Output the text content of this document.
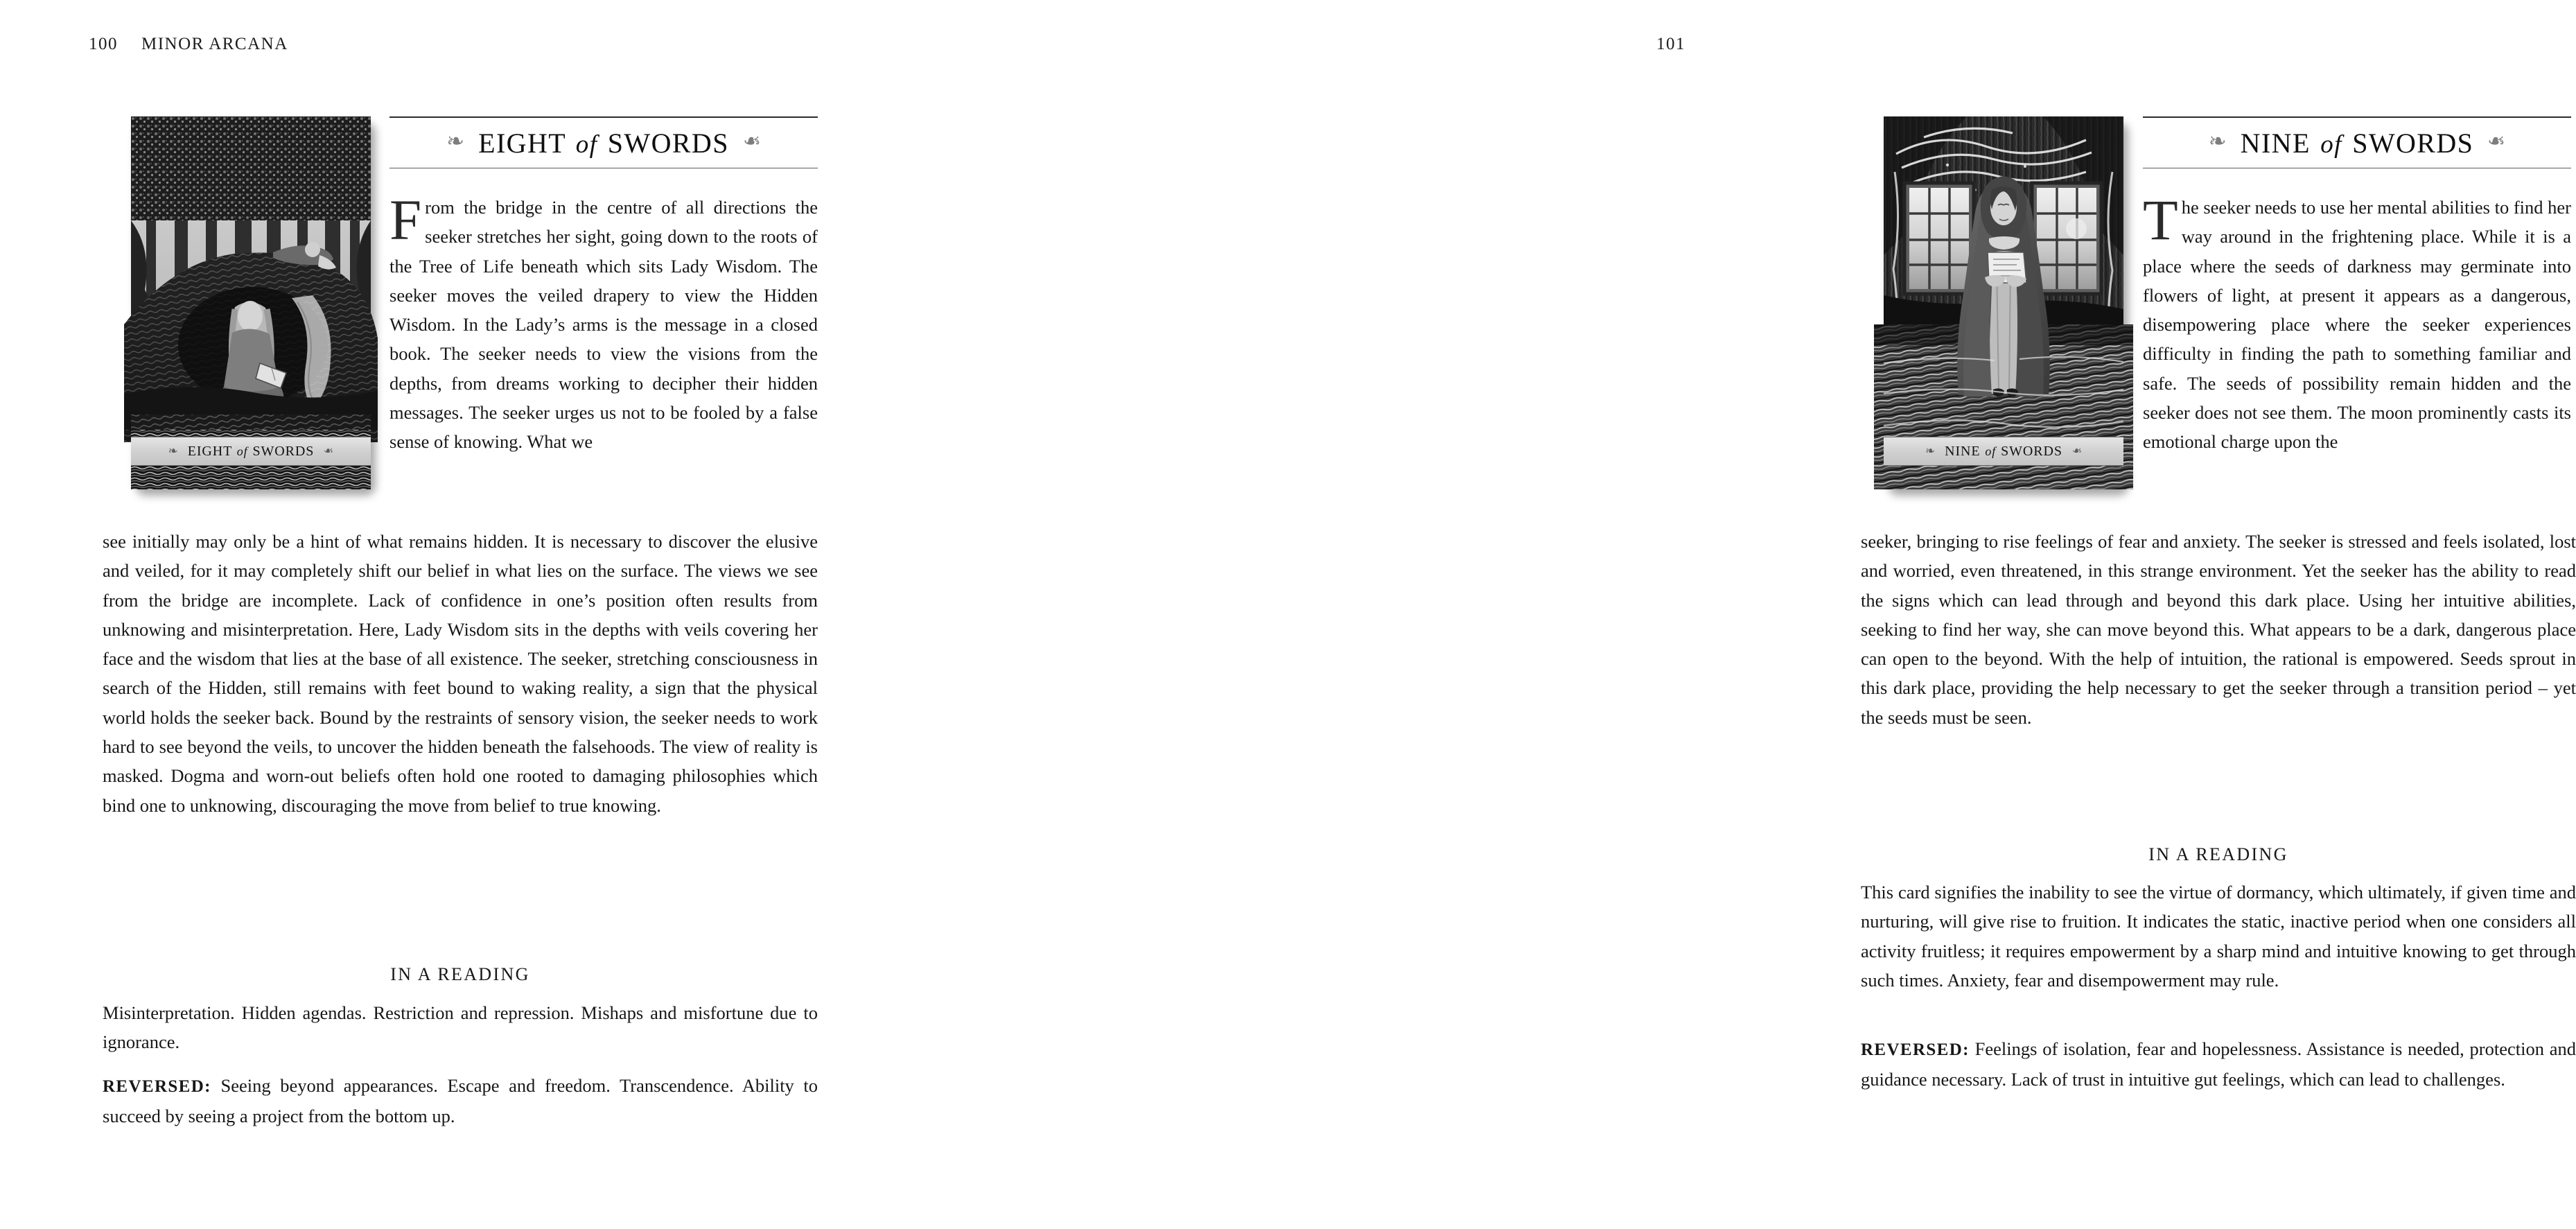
100 MINOR ARCANA
❧ EIGHT of SWORDS ❧
❧ EIGHT of SWORDS ❧
From the bridge in the centre of all directions the seeker stretches her sight, going down to the roots of the Tree of Life beneath which sits Lady Wisdom. The seeker moves the veiled drapery to view the Hidden Wisdom. In the Lady’s arms is the message in a closed book. The seeker needs to view the visions from the depths, from dreams working to decipher their hidden messages. The seeker urges us not to be fooled by a false sense of knowing. What we

see initially may only be a hint of what remains hidden. It is necessary to discover the elusive and veiled, for it may completely shift our belief in what lies on the surface. The views we see from the bridge are incomplete. Lack of confidence in one’s position often results from unknowing and misinterpretation. Here, Lady Wisdom sits in the depths with veils covering her face and the wisdom that lies at the base of all existence. The seeker, stretching consciousness in search of the Hidden, still remains with feet bound to waking reality, a sign that the physical world holds the seeker back. Bound by the restraints of sensory vision, the seeker needs to work hard to see beyond the veils, to uncover the hidden beneath the falsehoods. The view of reality is masked. Dogma and worn-out beliefs often hold one rooted to damaging philosophies which bind one to unknowing, discouraging the move from belief to true knowing.

IN A READING

Misinterpretation. Hidden agendas. Restriction and repression. Mishaps and misfortune due to ignorance.

REVERSED: Seeing beyond appearances. Escape and freedom. Transcendence. Ability to succeed by seeing a project from the bottom up.

101
❧ NINE of SWORDS ❧
❧ NINE of SWORDS ❧
The seeker needs to use her mental abilities to find her way around in the frightening place. While it is a place where the seeds of darkness may germinate into flowers of light, at present it appears as a dangerous, disempowering place where the seeker experiences difficulty in finding the path to something familiar and safe. The seeds of possibility remain hidden and the seeker does not see them. The moon prominently casts its emotional charge upon the

seeker, bringing to rise feelings of fear and anxiety. The seeker is stressed and feels isolated, lost and worried, even threatened, in this strange environment. Yet the seeker has the ability to read the signs which can lead through and beyond this dark place. Using her intuitive abilities, seeking to find her way, she can move beyond this. What appears to be a dark, dangerous place can open to the beyond. With the help of intuition, the rational is empowered. Seeds sprout in this dark place, providing the help necessary to get the seeker through a transition period – yet the seeds must be seen.

IN A READING

This card signifies the inability to see the virtue of dormancy, which ultimately, if given time and nurturing, will give rise to fruition. It indicates the static, inactive period when one considers all activity fruitless; it requires empowerment by a sharp mind and intuitive knowing to get through such times. Anxiety, fear and disempowerment may rule.

REVERSED: Feelings of isolation, fear and hopelessness. Assistance is needed, protection and guidance necessary. Lack of trust in intuitive gut feelings, which can lead to challenges.
